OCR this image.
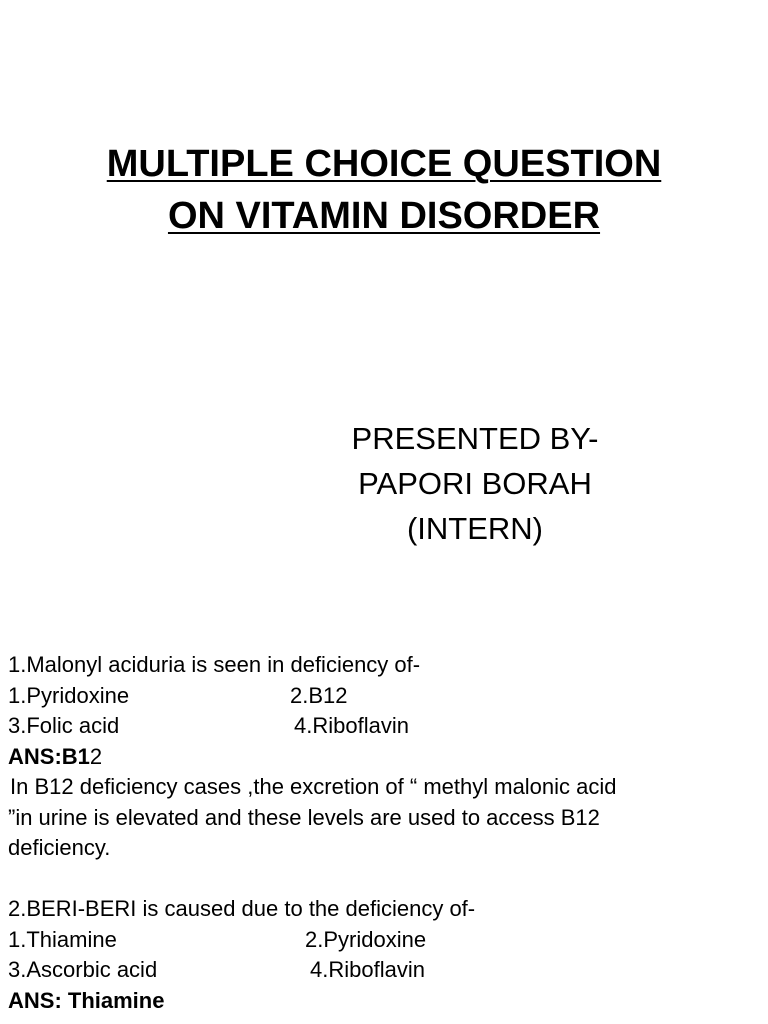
MULTIPLE CHOICE QUESTION
ON VITAMIN DISORDER
PRESENTED BY-
PAPORI BORAH
(INTERN)
1.Malonyl aciduria is seen in deficiency of-
1.Pyridoxine	2.B12
3.Folic acid	4.Riboflavin
ANS:B12
In B12 deficiency cases ,the excretion of “ methyl malonic acid
”in urine is elevated and these levels are used to access B12
deficiency.
2.BERI-BERI is caused due to the deficiency of-
1.Thiamine	2.Pyridoxine
3.Ascorbic acid	4.Riboflavin
ANS: Thiamine
